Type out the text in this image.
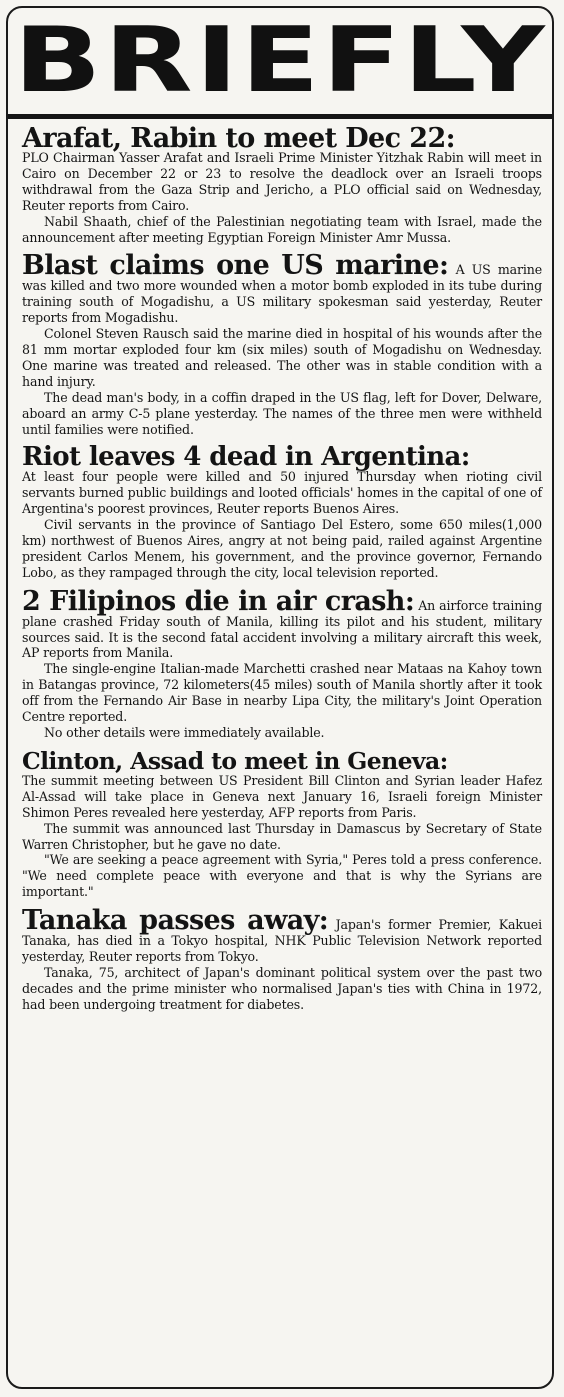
BRIEFLY

Arafat, Rabin to meet Dec 22:
PLO Chairman Yasser Arafat and Israeli Prime Minister Yitzhak Rabin will meet in Cairo on December 22 or 23 to resolve the deadlock over an Israeli troops withdrawal from the Gaza Strip and Jericho, a PLO official said on Wednesday, Reuter reports from Cairo.

Nabil Shaath, chief of the Palestinian negotiating team with Israel, made the announcement after meeting Egyptian Foreign Minister Amr Mussa.

Blast claims one US marine: A US marine was killed and two more wounded when a motor bomb exploded in its tube during training south of Mogadishu, a US military spokesman said yesterday, Reuter reports from Mogadishu.

Colonel Steven Rausch said the marine died in hospital of his wounds after the 81 mm mortar exploded four km (six miles) south of Mogadishu on Wednesday. One marine was treated and released. The other was in stable condition with a hand injury.

The dead man's body, in a coffin draped in the US flag, left for Dover, Delware, aboard an army C-5 plane yesterday. The names of the three men were withheld until families were notified.

Riot leaves 4 dead in Argentina:
At least four people were killed and 50 injured Thursday when rioting civil servants burned public buildings and looted officials' homes in the capital of one of Argentina's poorest provinces, Reuter reports Buenos Aires.

Civil servants in the province of Santiago Del Estero, some 650 miles(1,000 km) northwest of Buenos Aires, angry at not being paid, railed against Argentine president Carlos Menem, his government, and the province governor, Fernando Lobo, as they rampaged through the city, local television reported.

2 Filipinos die in air crash: An airforce training plane crashed Friday south of Manila, killing its pilot and his student, military sources said. It is the second fatal accident involving a military aircraft this week, AP reports from Manila.

The single-engine Italian-made Marchetti crashed near Mataas na Kahoy town in Batangas province, 72 kilometers(45 miles) south of Manila shortly after it took off from the Fernando Air Base in nearby Lipa City, the military's Joint Operation Centre reported.

No other details were immediately available.

Clinton, Assad to meet in Geneva:
The summit meeting between US President Bill Clinton and Syrian leader Hafez Al-Assad will take place in Geneva next January 16, Israeli foreign Minister Shimon Peres revealed here yesterday, AFP reports from Paris.

The summit was announced last Thursday in Damascus by Secretary of State Warren Christopher, but he gave no date.

"We are seeking a peace agreement with Syria," Peres told a press conference. "We need complete peace with everyone and that is why the Syrians are important."

Tanaka passes away: Japan's former Premier, Kakuei Tanaka, has died in a Tokyo hospital, NHK Public Television Network reported yesterday, Reuter reports from Tokyo.

Tanaka, 75, architect of Japan's dominant political system over the past two decades and the prime minister who normalised Japan's ties with China in 1972, had been undergoing treatment for diabetes.
